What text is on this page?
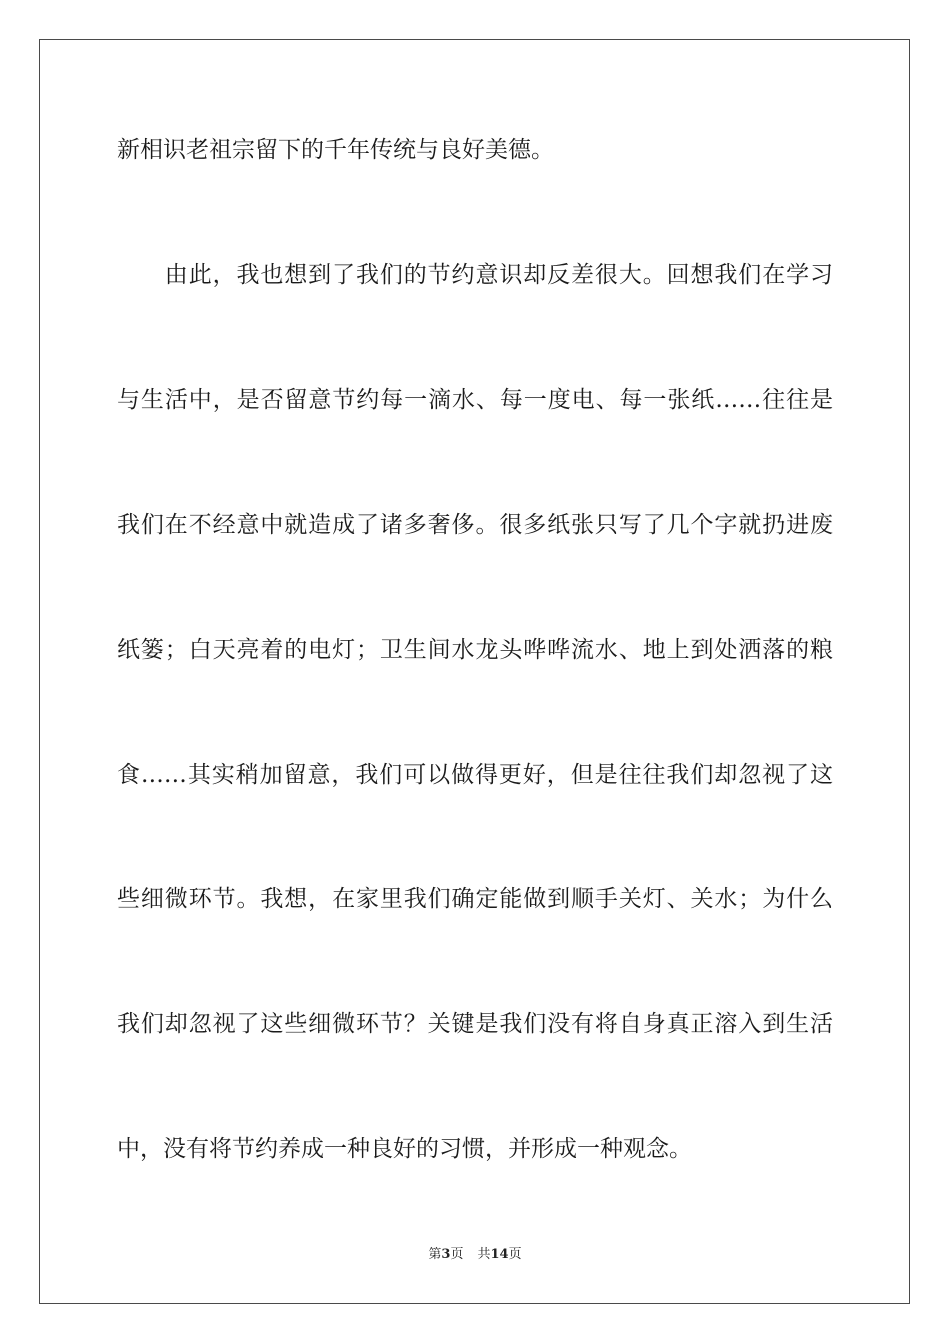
新相识老祖宗留下的千年传统与良好美德。
　　由此，我也想到了我们的节约意识却反差很大。回想我们在学习
与生活中，是否留意节约每一滴水、每一度电、每一张纸……往往是
我们在不经意中就造成了诸多奢侈。很多纸张只写了几个字就扔进废
纸篓；白天亮着的电灯；卫生间水龙头哗哗流水、地上到处洒落的粮
食……其实稍加留意，我们可以做得更好，但是往往我们却忽视了这
些细微环节。我想，在家里我们确定能做到顺手关灯、关水；为什么
我们却忽视了这些细微环节？关键是我们没有将自身真正溶入到生活
中，没有将节约养成一种良好的习惯，并形成一种观念。
第3页 共14页
